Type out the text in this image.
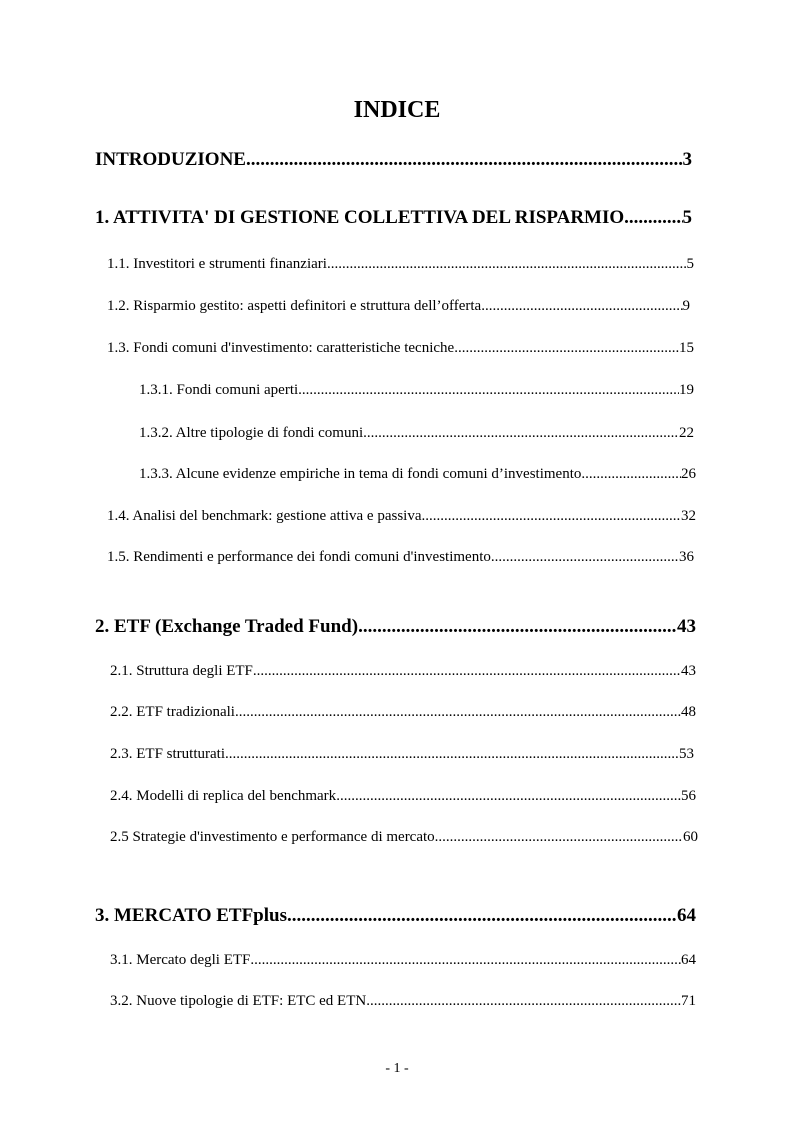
INDICE
INTRODUZIONE .....	3
1. ATTIVITA' DI GESTIONE COLLETTIVA DEL RISPARMIO .....	5
1.1. Investitori e strumenti finanziari .....	5
1.2. Risparmio gestito: aspetti definitori e struttura dell’offerta .....	9
1.3. Fondi comuni d'investimento: caratteristiche tecniche .....	15
1.3.1. Fondi comuni aperti .....	19
1.3.2. Altre tipologie di fondi comuni .....	22
1.3.3. Alcune evidenze empiriche in tema di fondi comuni d’investimento .....	26
1.4. Analisi del benchmark: gestione attiva e passiva .....	32
1.5. Rendimenti e performance dei fondi comuni d'investimento .....	36
2. ETF (Exchange Traded Fund) .....	43
2.1. Struttura degli ETF .....	43
2.2. ETF tradizionali .....	48
2.3. ETF strutturati .....	53
2.4. Modelli di replica del benchmark .....	56
2.5 Strategie d'investimento e performance di mercato .....	60
3. MERCATO ETFplus .....	64
3.1. Mercato degli ETF .....	64
3.2. Nuove tipologie di ETF: ETC ed ETN .....	71
- 1 -
